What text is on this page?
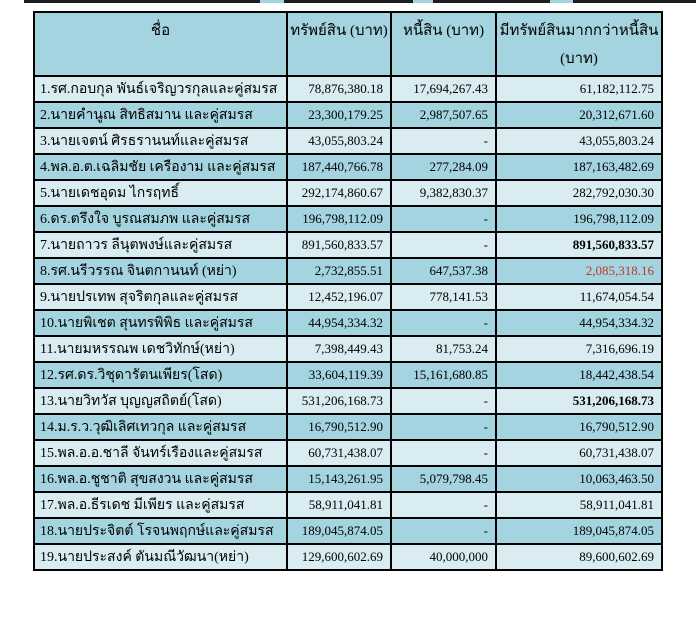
ชื่อ	ทรัพย์สิน (บาท)	หนี้สิน (บาท)	มีทรัพย์สินมากกว่าหนี้สิน
(บาท)

1.รศ.กอบกุล พันธ์เจริญวรกุลและคู่สมรส	78,876,380.18	17,694,267.43	61,182,112.75
2.นายคำนูณ สิทธิสมาน และคู่สมรส	23,300,179.25	2,987,507.65	20,312,671.60
3.นายเจตน์ ศิรธรานนท์และคู่สมรส	43,055,803.24	-	43,055,803.24
4.พล.อ.ต.เฉลิมชัย เครืองาม และคู่สมรส	187,440,766.78	277,284.09	187,163,482.69
5.นายเดชอุดม ไกรฤทธิ์	292,174,860.67	9,382,830.37	282,792,030.30
6.ดร.ตรึงใจ บูรณสมภพ และคู่สมรส	196,798,112.09	-	196,798,112.09
7.นายถาวร ลีนุตพงษ์และคู่สมรส	891,560,833.57	-	891,560,833.57
8.รศ.นรีวรรณ จินตกานนท์ (หย่า)	2,732,855.51	647,537.38	2,085,318.16
9.นายปรเทพ สุจริตกุลและคู่สมรส	12,452,196.07	778,141.53	11,674,054.54
10.นายพิเชต สุนทรพิพิธ และคู่สมรส	44,954,334.32	-	44,954,334.32
11.นายมหรรณพ เดชวิทักษ์(หย่า)	7,398,449.43	81,753.24	7,316,696.19
12.รศ.ดร.วิชุดารัตนเพียร(โสด)	33,604,119.39	15,161,680.85	18,442,438.54
13.นายวิทวัส บุญญสถิตย์(โสด)	531,206,168.73	-	531,206,168.73
14.ม.ร.ว.วุฒิเลิศเทวกุล และคู่สมรส	16,790,512.90	-	16,790,512.90
15.พล.อ.อ.ชาลี จันทร์เรืองและคู่สมรส	60,731,438.07	-	60,731,438.07
16.พล.อ.ชูชาติ สุขสงวน และคู่สมรส	15,143,261.95	5,079,798.45	10,063,463.50
17.พล.อ.ธีรเดช มีเพียร และคู่สมรส	58,911,041.81	-	58,911,041.81
18.นายประจิตต์ โรจนพฤกษ์และคู่สมรส	189,045,874.05	-	189,045,874.05
19.นายประสงค์ ตันมณีวัฒนา(หย่า)	129,600,602.69	40,000,000	89,600,602.69
